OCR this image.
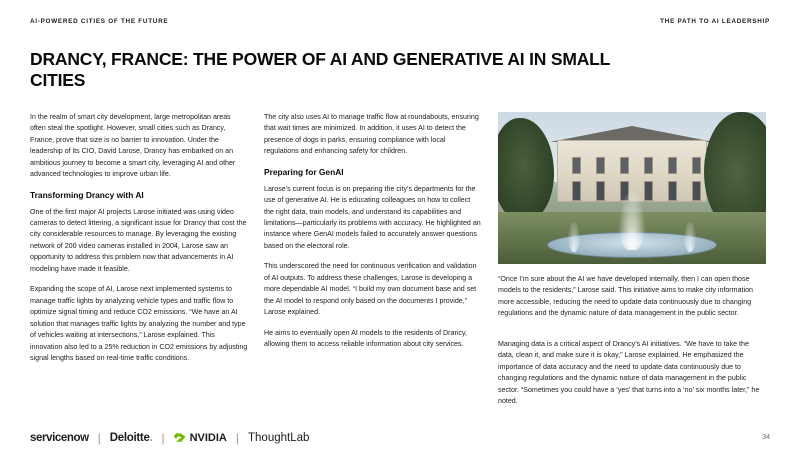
AI-POWERED CITIES OF THE FUTURE	THE PATH TO AI LEADERSHIP
DRANCY, FRANCE: THE POWER OF AI AND GENERATIVE AI IN SMALL CITIES

In the realm of smart city development, large metropolitan areas often steal the spotlight. However, small cities such as Drancy, France, prove that size is no barrier to innovation. Under the leadership of its CIO, David Larose, Drancy has embarked on an ambitious journey to become a smart city, leveraging AI and other advanced technologies to improve urban life.

Transforming Drancy with AI

One of the first major AI projects Larose initiated was using video cameras to detect littering, a significant issue for Drancy that cost the city considerable resources to manage. By leveraging the existing network of 200 video cameras installed in 2004, Larose saw an opportunity to address this problem now that advancements in AI modeling have made it feasible.

Expanding the scope of AI, Larose next implemented systems to manage traffic lights by analyzing vehicle types and traffic flow to optimize signal timing and reduce CO2 emissions. “We have an AI solution that manages traffic lights by analyzing the number and type of vehicles waiting at intersections,” Larose explained. This innovation also led to a 25% reduction in CO2 emissions by adjusting signal lengths based on real-time traffic conditions.

The city also uses AI to manage traffic flow at roundabouts, ensuring that wait times are minimized. In addition, it uses AI to detect the presence of dogs in parks, ensuring compliance with local regulations and enhancing safety for children.

Preparing for GenAI

Larose’s current focus is on preparing the city’s departments for the use of generative AI. He is educating colleagues on how to collect the right data, train models, and understand its capabilities and limitations—particularly its problems with accuracy. He highlighted an instance where GenAI models failed to accurately answer questions based on the electoral role.

This underscored the need for continuous verification and validation of AI outputs. To address these challenges, Larose is developing a more dependable AI model. “I build my own document base and set the AI model to respond only based on the documents I provide,” Larose explained.

He aims to eventually open AI models to the residents of Drancy, allowing them to access reliable information about city services.

“Once I’m sure about the AI we have developed internally, then I can open those models to the residents,” Larose said. This initiative aims to make city information more accessible, reducing the need to update data continuously due to changing regulations and the dynamic nature of data management in the public sector.

Managing data is a critical aspect of Drancy’s AI initiatives. “We have to take the data, clean it, and make sure it is okay,” Larose explained. He emphasized the importance of data accuracy and the need to update data continuously due to changing regulations and the dynamic nature of data management in the public sector. “Sometimes you could have a ‘yes’ that turns into a ‘no’ six months later,” he noted.

servicenow | Deloitte. | NVIDIA | ThoughtLab	34
